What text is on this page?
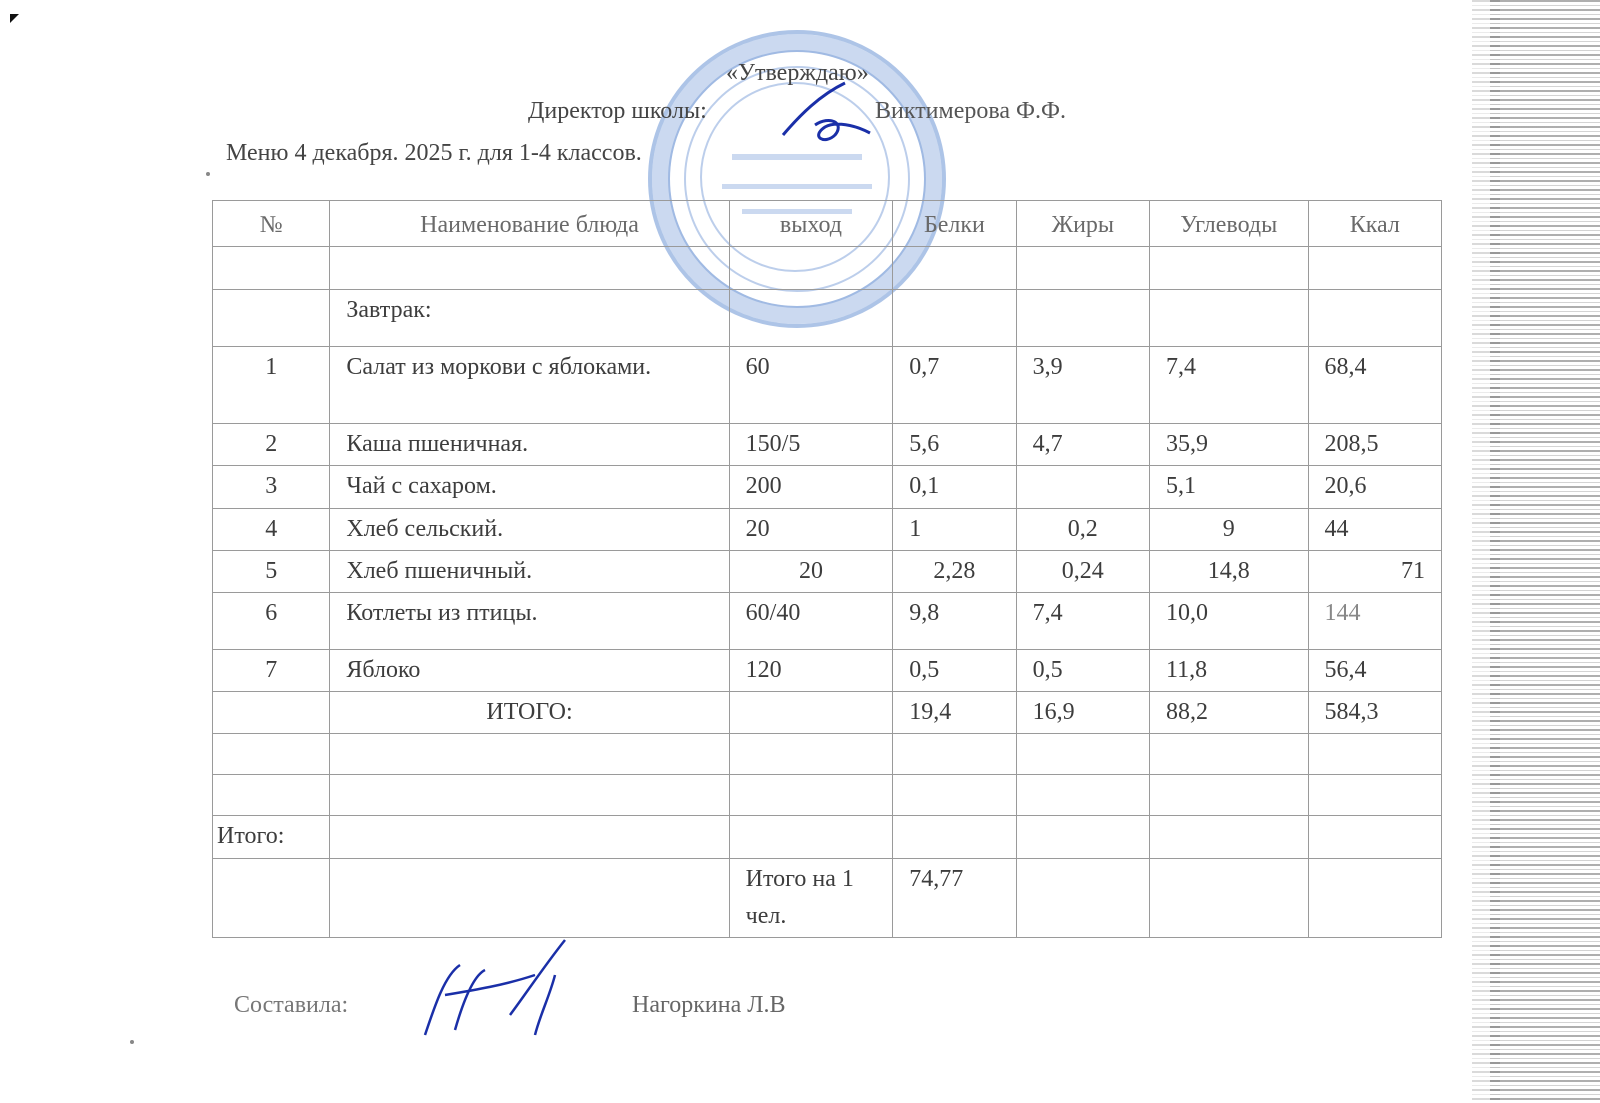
«Утверждаю»
Директор школы:	Виктимерова Ф.Ф.
Меню 4 декабря. 2025 г. для 1-4 классов.
№	Наименование блюда	выход	Белки	Жиры	Углеводы	Ккал

	Завтрак:					
1	Салат из моркови с яблоками.	60	0,7	3,9	7,4	68,4
2	Каша пшеничная.	150/5	5,6	4,7	35,9	208,5
3	Чай с сахаром.	200	0,1		5,1	20,6
4	Хлеб сельский.	20	1	0,2	9	44
5	Хлеб пшеничный.	20	2,28	0,24	14,8	71
6	Котлеты из птицы.	60/40	9,8	7,4	10,0	144
7	Яблоко	120	0,5	0,5	11,8	56,4
	ИТОГО:		19,4	16,9	88,2	584,3

Итого:						
		Итого на 1 чел.	74,77			
Составила:	Нагоркина Л.В
